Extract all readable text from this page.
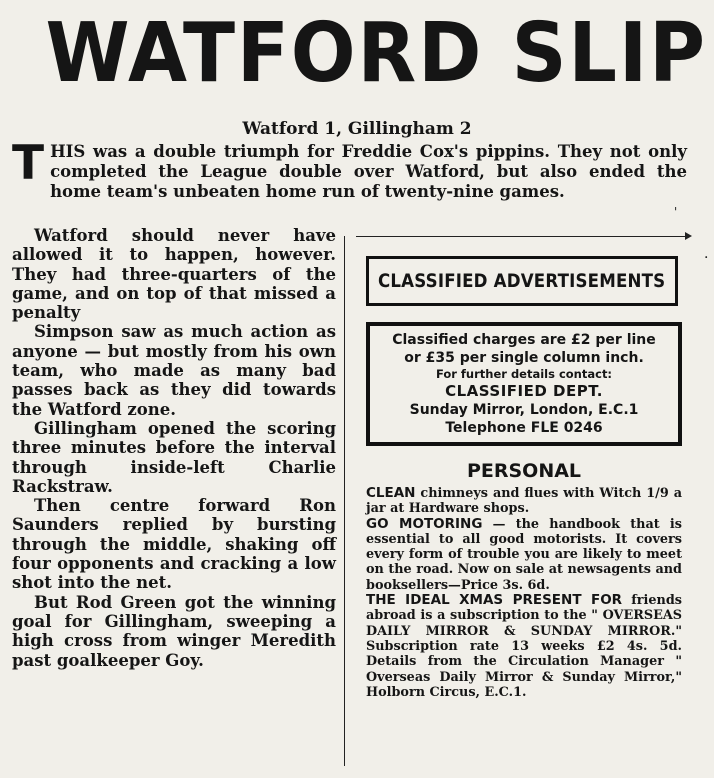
WATFORD SLIP
Watford 1, Gillingham 2
T HIS was a double triumph for Freddie Cox's pippins. They not only completed the League double over Watford, but also ended the home team's unbeaten home run of twenty-nine games.

'

Watford should never have allowed it to happen, however. They had three-quarters of the game, and on top of that missed a penalty

Simpson saw as much action as anyone — but mostly from his own team, who made as many bad passes back as they did towards the Watford zone.

Gillingham opened the scoring three minutes before the interval through inside-left Charlie Rackstraw.

Then centre forward Ron Saunders replied by bursting through the middle, shaking off four opponents and cracking a low shot into the net.

But Rod Green got the winning goal for Gillingham, sweeping a high cross from winger Meredith past goalkeeper Goy.

·
CLASSIFIED ADVERTISEMENTS
Classified charges are £2 per line
or £35 per single column inch.
For further details contact:
CLASSIFIED DEPT.
Sunday Mirror, London, E.C.1
Telephone FLE 0246
PERSONAL

CLEAN chimneys and flues with Witch 1/9 a jar at Hardware shops.

GO MOTORING — the handbook that is essential to all good motorists. It covers every form of trouble you are likely to meet on the road. Now on sale at newsagents and booksellers—Price 3s. 6d.

THE IDEAL XMAS PRESENT FOR friends abroad is a subscription to the " OVERSEAS DAILY MIRROR & SUNDAY MIRROR." Subscription rate 13 weeks £2 4s. 5d. Details from the Circulation Manager " Overseas Daily Mirror & Sunday Mirror," Holborn Circus, E.C.1.
